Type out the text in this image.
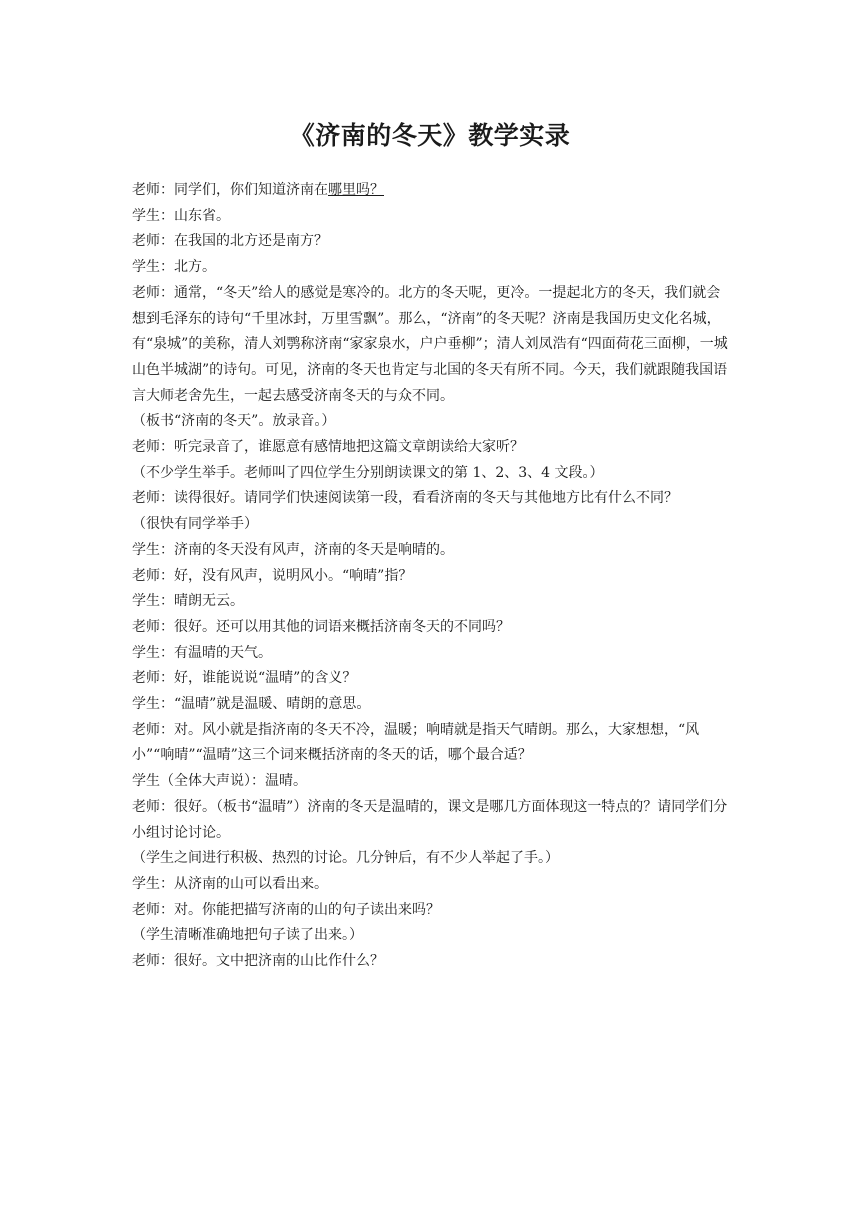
《济南的冬天》教学实录

老师：同学们，你们知道济南在哪里吗？

学生：山东省。

老师：在我国的北方还是南方？

学生：北方。

老师：通常，“冬天”给人的感觉是寒冷的。北方的冬天呢，更冷。一提起北方的冬天，我们就会想到毛泽东的诗句“千里冰封，万里雪飘”。那么，“济南”的冬天呢？济南是我国历史文化名城，有“泉城”的美称，清人刘鹗称济南“家家泉水，户户垂柳”；清人刘凤浩有“四面荷花三面柳，一城山色半城湖”的诗句。可见，济南的冬天也肯定与北国的冬天有所不同。今天，我们就跟随我国语言大师老舍先生，一起去感受济南冬天的与众不同。

（板书“济南的冬天”。放录音。）

老师：听完录音了，谁愿意有感情地把这篇文章朗读给大家听？

（不少学生举手。老师叫了四位学生分别朗读课文的第 1、2、3、4 文段。）

老师：读得很好。请同学们快速阅读第一段，看看济南的冬天与其他地方比有什么不同？

（很快有同学举手）

学生：济南的冬天没有风声，济南的冬天是响晴的。

老师：好，没有风声，说明风小。“响晴”指？

学生：晴朗无云。

老师：很好。还可以用其他的词语来概括济南冬天的不同吗？

学生：有温晴的天气。

老师：好，谁能说说“温晴”的含义？

学生：“温晴”就是温暖、晴朗的意思。

老师：对。风小就是指济南的冬天不冷，温暖；响晴就是指天气晴朗。那么，大家想想，“风小”“响晴”“温晴”这三个词来概括济南的冬天的话，哪个最合适？

学生（全体大声说）：温晴。

老师：很好。（板书“温晴”）济南的冬天是温晴的，课文是哪几方面体现这一特点的？请同学们分小组讨论讨论。

（学生之间进行积极、热烈的讨论。几分钟后，有不少人举起了手。）

学生：从济南的山可以看出来。

老师：对。你能把描写济南的山的句子读出来吗？

（学生清晰准确地把句子读了出来。）

老师：很好。文中把济南的山比作什么？
